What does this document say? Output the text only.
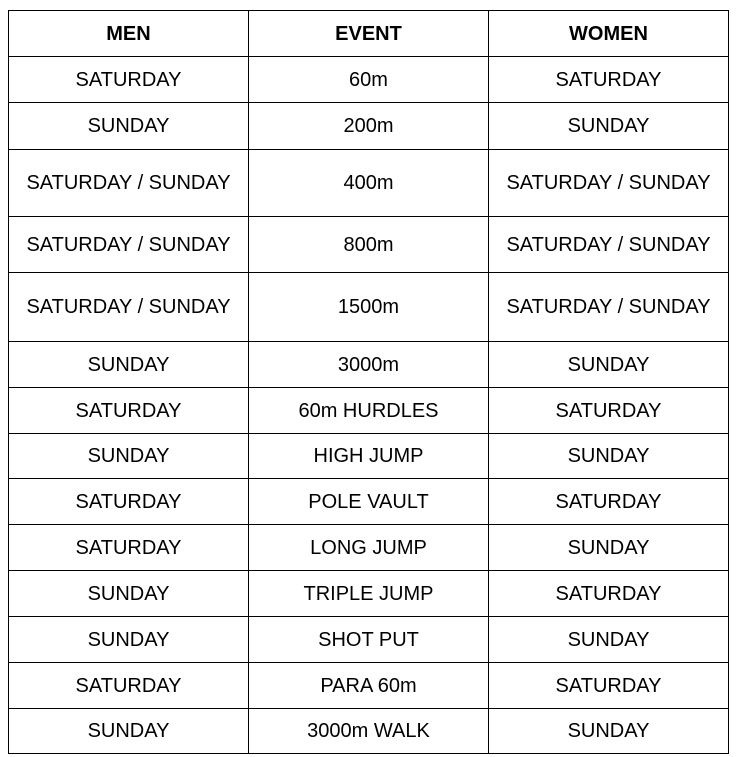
MEN	EVENT	WOMEN
SATURDAY	60m	SATURDAY
SUNDAY	200m	SUNDAY
SATURDAY / SUNDAY	400m	SATURDAY / SUNDAY
SATURDAY / SUNDAY	800m	SATURDAY / SUNDAY
SATURDAY / SUNDAY	1500m	SATURDAY / SUNDAY
SUNDAY	3000m	SUNDAY
SATURDAY	60m HURDLES	SATURDAY
SUNDAY	HIGH JUMP	SUNDAY
SATURDAY	POLE VAULT	SATURDAY
SATURDAY	LONG JUMP	SUNDAY
SUNDAY	TRIPLE JUMP	SATURDAY
SUNDAY	SHOT PUT	SUNDAY
SATURDAY	PARA 60m	SATURDAY
SUNDAY	3000m WALK	SUNDAY
